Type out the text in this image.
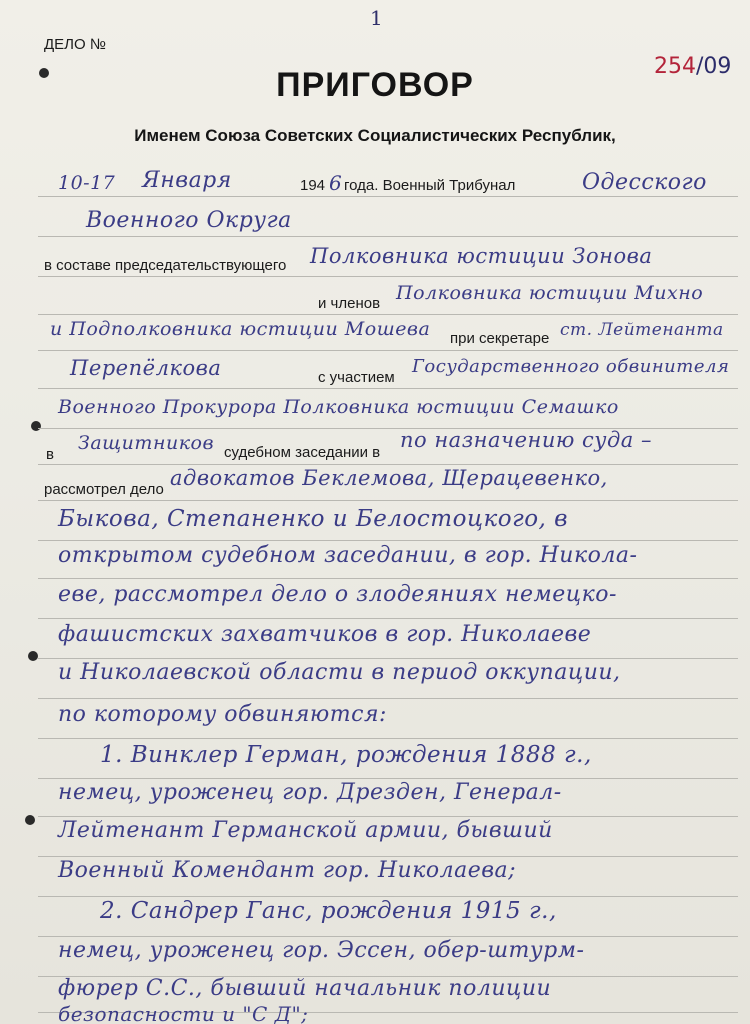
1
ДЕЛО №
254/09
ПРИГОВОР
Именем Союза Советских Социалистических Республик,
10-17 Января	194 6 года. Военный Трибунал	Одесского
Военного Округа
в составе председательствующего Полковника юстиции Зонова
и членов Полковника юстиции Михно
и Подполковника юстиции Мошева при секретаре ст. Лейтенанта
Перепёлкова	с участием
Государственного обвинителя
Военного Прокурора Полковника юстиции Семашко
в
Защитников судебном заседании в
по назначению суда –
рассмотрел дело адвокатов Беклемова, Щерацевенко,
Быкова, Степаненко и Белостоцкого, в
открытом судебном заседании, в гор. Никола-
еве, рассмотрел дело о злодеяниях немецко-
фашистских захватчиков в гор. Николаеве
и Николаевской области в период оккупации,
по которому обвиняются:
1. Винклер Герман, рождения 1888 г.,
немец, уроженец гор. Дрезден, Генерал-
Лейтенант Германской армии, бывший
Военный Комендант гор. Николаева;
2. Сандрер Ганс, рождения 1915 г.,
немец, уроженец гор. Эссен, обер-штурм-
фюрер С.С., бывший начальник полиции
безопасности и "С Д";
